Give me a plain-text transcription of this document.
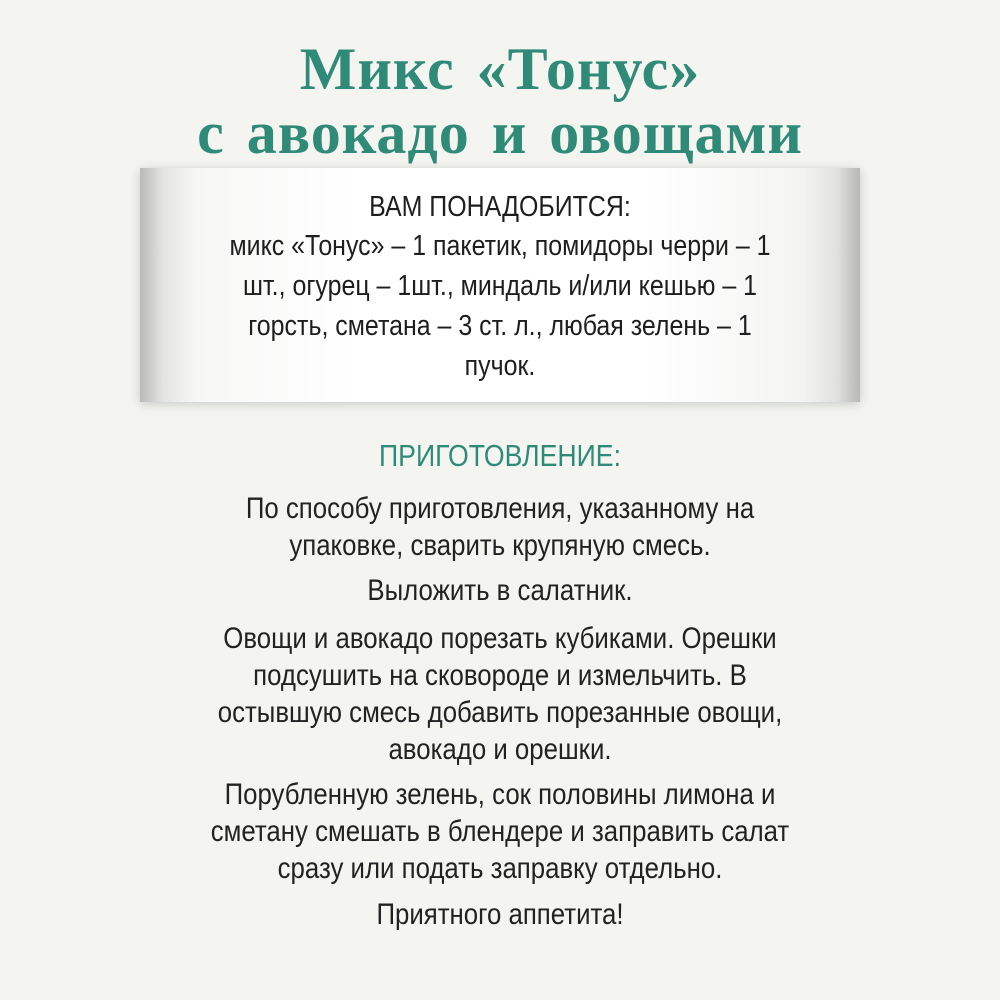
Микс «Тонус»
с авокадо и овощами
ВАМ ПОНАДОБИТСЯ:
микс «Тонус» – 1 пакетик, помидоры черри – 1
шт., огурец – 1шт., миндаль и/или кешью – 1
горсть, сметана – 3 ст. л., любая зелень – 1
пучок.
ПРИГОТОВЛЕНИЕ:
По способу приготовления, указанному на
упаковке, сварить крупяную смесь.
Выложить в салатник.
Овощи и авокадо порезать кубиками. Орешки
подсушить на сковороде и измельчить. В
остывшую смесь добавить порезанные овощи,
авокадо и орешки.
Порубленную зелень, сок половины лимона и
сметану смешать в блендере и заправить салат
сразу или подать заправку отдельно.
Приятного аппетита!
